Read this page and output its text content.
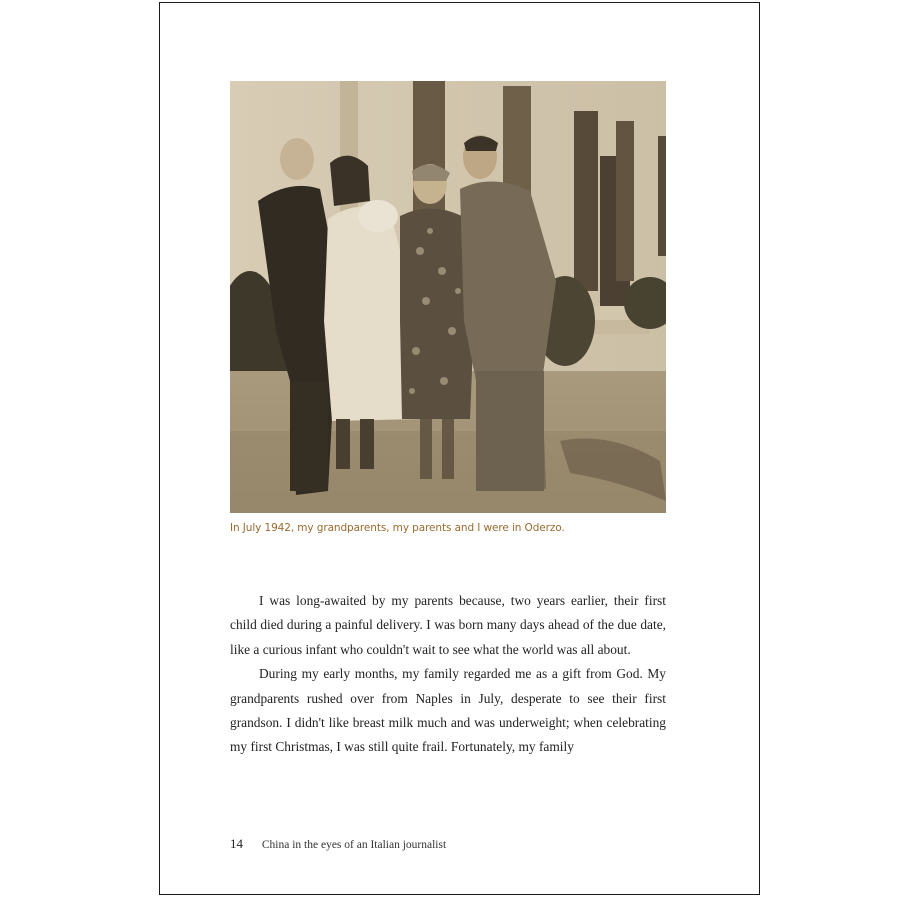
In July 1942, my grandparents, my parents and I were in Oderzo.

I was long-awaited by my parents because, two years earlier, their first child died during a painful delivery. I was born many days ahead of the due date, like a curious infant who couldn't wait to see what the world was all about.

During my early months, my family regarded me as a gift from God. My grandparents rushed over from Naples in July, desperate to see their first grandson. I didn't like breast milk much and was underweight; when celebrating my first Christmas, I was still quite frail. Fortunately, my family

14 China in the eyes of an Italian journalist
